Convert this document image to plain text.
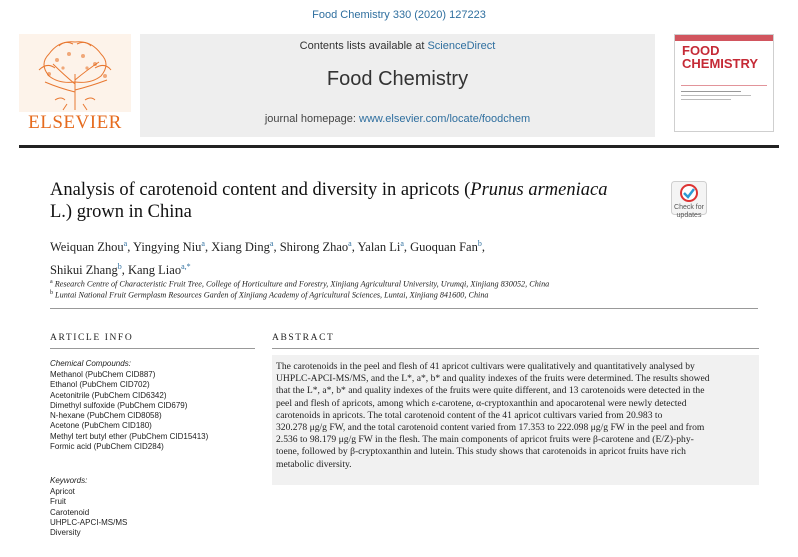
Food Chemistry 330 (2020) 127223
ELSEVIER
Contents lists available at ScienceDirect
Food Chemistry
journal homepage: www.elsevier.com/locate/foodchem
FOOD
CHEMISTRY
Analysis of carotenoid content and diversity in apricots (Prunus armeniaca
L.) grown in China	Check for
updates
Weiquan Zhou$^a$, Yingying Niu$^a$, Xiang Ding$^a$, Shirong Zhao$^a$, Yalan Li$^a$, Guoquan Fan$^b$,
Shikui Zhang$^b$, Kang Liao$^{a,*}$
$^a$ Research Centre of Characteristic Fruit Tree, College of Horticulture and Forestry, Xinjiang Agricultural University, Urumqi, Xinjiang 830052, China
$^b$ Luntai National Fruit Germplasm Resources Garden of Xinjiang Academy of Agricultural Sciences, Luntai, Xinjiang 841600, China
ARTICLE INFO
Chemical Compounds:
Methanol (PubChem CID887)
Ethanol (PubChem CID702)
Acetonitrile (PubChem CID6342)
Dimethyl sulfoxide (PubChem CID679)
N-hexane (PubChem CID8058)
Acetone (PubChem CID180)
Methyl tert butyl ether (PubChem CID15413)
Formic acid (PubChem CID284)
Keywords:
Apricot
Fruit
Carotenoid
UHPLC-APCI-MS/MS
Diversity
ABSTRACT
The carotenoids in the peel and flesh of 41 apricot cultivars were qualitatively and quantitatively analysed by
UHPLC-APCI-MS/MS, and the L*, a*, b* and quality indexes of the fruits were determined. The results showed
that the L*, a*, b* and quality indexes of the fruits were quite different, and 13 carotenoids were detected in the
peel and flesh of apricots, among which ε-carotene, α-cryptoxanthin and apocarotenal were newly detected
carotenoids in apricots. The total carotenoid content of the 41 apricot cultivars varied from 20.983 to
320.278 μg/g FW, and the total carotenoid content varied from 17.353 to 222.098 μg/g FW in the peel and from
2.536 to 98.179 μg/g FW in the flesh. The main components of apricot fruits were β-carotene and (E/Z)-phy-
toene, followed by β-cryptoxanthin and lutein. This study shows that carotenoids in apricot fruits have rich
metabolic diversity.
